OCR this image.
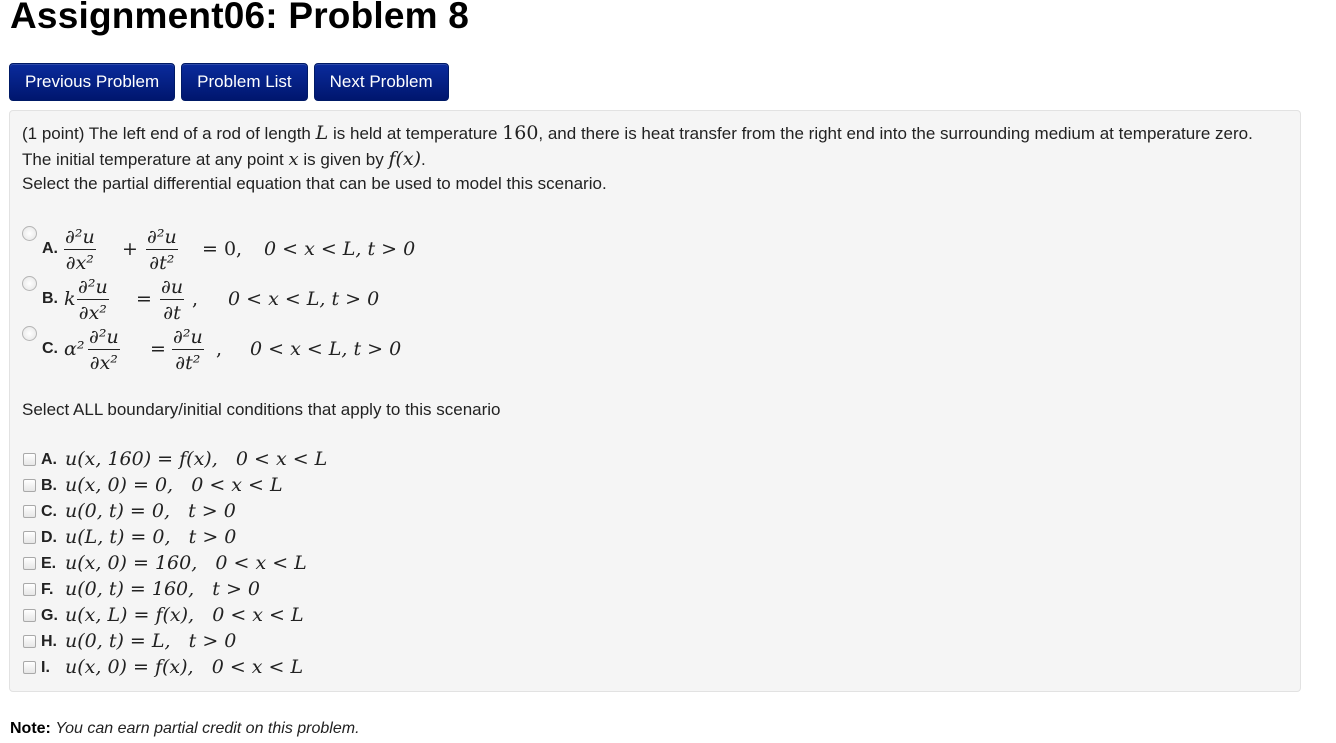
Assignment06: Problem 8
Previous Problem	Problem List	Next Problem
(1 point) The left end of a rod of length L is held at temperature 160, and there is heat transfer from the right end into the surrounding medium at temperature zero.
The initial temperature at any point x is given by f(x).
Select the partial differential equation that can be used to model this scenario.
A.
∂²u
∂x²
+
∂²u
∂t²
= 0, 0 < x < L, t > 0
B. k
∂²u
∂x²
=
∂u
∂t
, 0 < x < L, t > 0
C. α²
∂²u
∂x²
=
∂²u
∂t²
, 0 < x < L, t > 0
Select ALL boundary/initial conditions that apply to this scenario
A. u(x, 160) = f(x), 0 < x < L
B. u(x, 0) = 0, 0 < x < L
C. u(0, t) = 0, t > 0
D. u(L, t) = 0, t > 0
E. u(x, 0) = 160, 0 < x < L
F. u(0, t) = 160, t > 0
G. u(x, L) = f(x), 0 < x < L
H. u(0, t) = L, t > 0
I. u(x, 0) = f(x), 0 < x < L
Note: You can earn partial credit on this problem.
